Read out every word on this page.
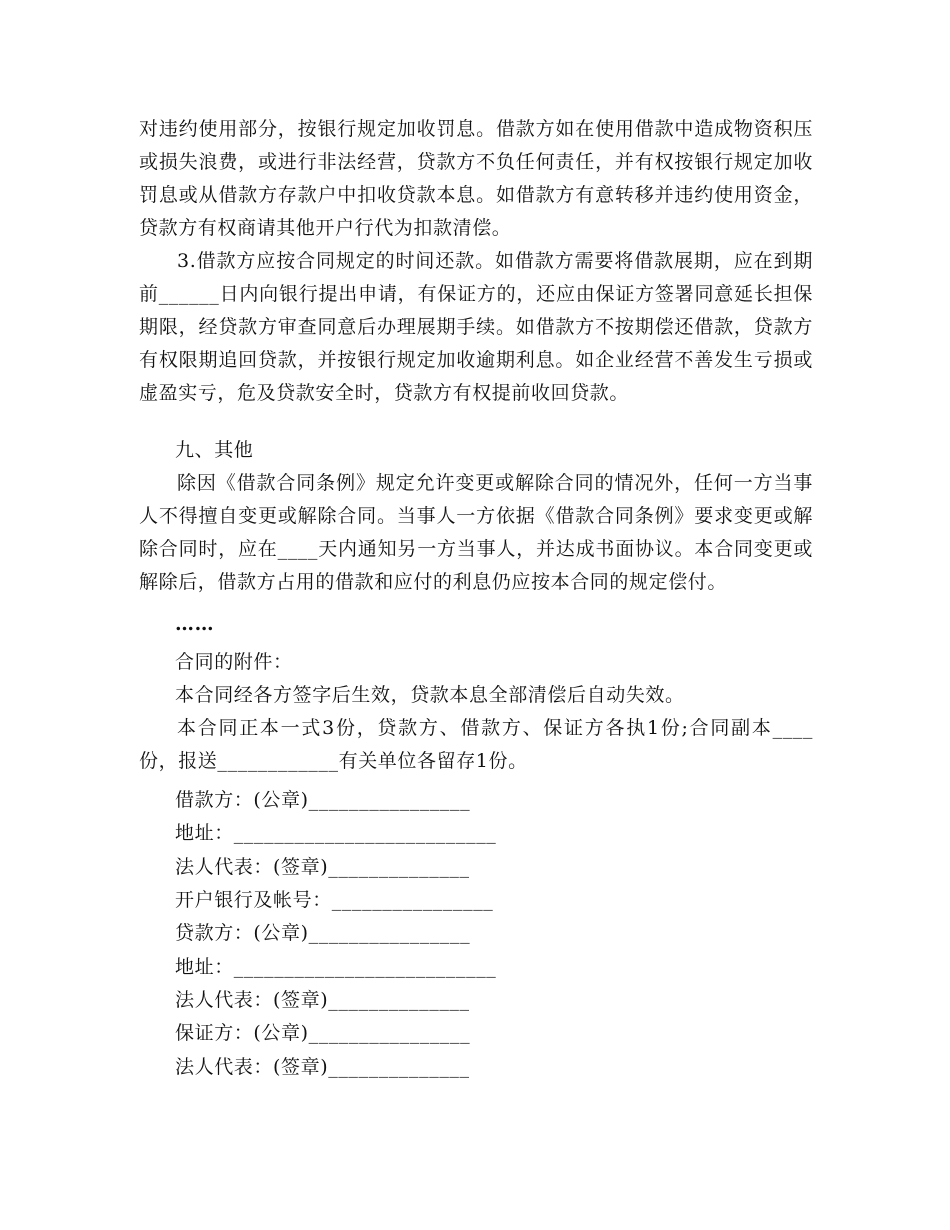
对违约使用部分，按银行规定加收罚息。借款方如在使用借款中造成物资积压或损失浪费，或进行非法经营，贷款方不负任何责任，并有权按银行规定加收罚息或从借款方存款户中扣收贷款本息。如借款方有意转移并违约使用资金，贷款方有权商请其他开户行代为扣款清偿。

3.借款方应按合同规定的时间还款。如借款方需要将借款展期，应在到期前______日内向银行提出申请，有保证方的，还应由保证方签署同意延长担保期限，经贷款方审查同意后办理展期手续。如借款方不按期偿还借款，贷款方有权限期追回贷款，并按银行规定加收逾期利息。如企业经营不善发生亏损或虚盈实亏，危及贷款安全时，贷款方有权提前收回贷款。

九、其他

除因《借款合同条例》规定允许变更或解除合同的情况外，任何一方当事人不得擅自变更或解除合同。当事人一方依据《借款合同条例》要求变更或解除合同时，应在____天内通知另一方当事人，并达成书面协议。本合同变更或解除后，借款方占用的借款和应付的利息仍应按本合同的规定偿付。

……

合同的附件：

本合同经各方签字后生效，贷款本息全部清偿后自动失效。

本合同正本一式3份，贷款方、借款方、保证方各执1份;合同副本____份，报送____________有关单位各留存1份。

借款方：(公章)________________

地址：__________________________

法人代表：(签章)______________

开户银行及帐号：________________

贷款方：(公章)________________

地址：__________________________

法人代表：(签章)______________

保证方：(公章)________________

法人代表：(签章)______________
